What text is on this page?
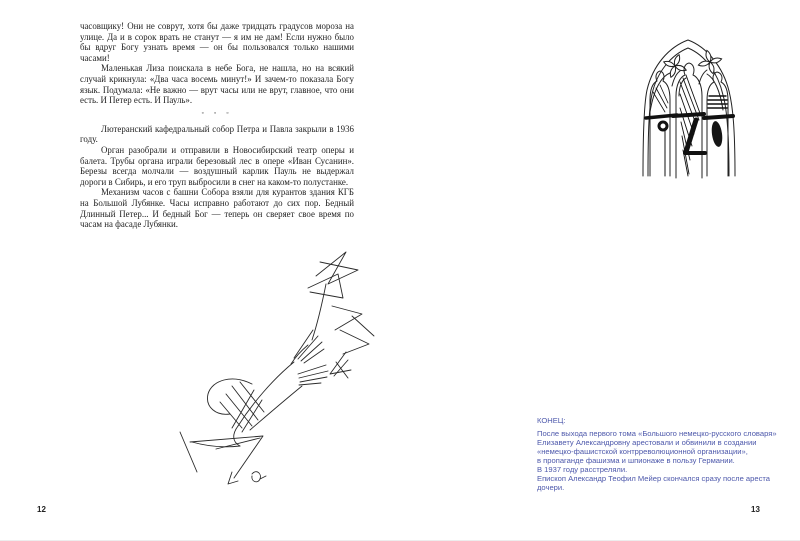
часовщику! Они не соврут, хотя бы даже тридцать градусов мороза на улице. Да и в сорок врать не станут — я им не дам! Если нужно было бы вдруг Богу узнать время — он бы пользовался только нашими часами!

Маленькая Лиза поискала в небе Бога, не нашла, но на всякий случай крикнула: «Два часа восемь минут!» И зачем-то показала Богу язык. Подумала: «Не важно — врут часы или не врут, главное, что они есть. И Петер есть. И Пауль».

◦ ◦ ◦

Лютеранский кафедральный собор Петра и Павла закрыли в 1936 году.

Орган разобрали и отправили в Новосибирский театр оперы и балета. Трубы органа играли березовый лес в опере «Иван Сусанин». Березы всегда молчали — воздушный карлик Пауль не выдержал дороги в Сибирь, и его труп выбросили в снег на каком-то полустанке.

Механизм часов с башни Собора взяли для курантов здания КГБ на Большой Лубянке. Часы исправно работают до сих пор. Бедный Длинный Петер... И бедный Бог — теперь он сверяет свое время по часам на фасаде Лубянки.

12
КОНЕЦ:
После выхода первого тома «Большого немецко-русского словаря»
Елизавету Александровну арестовали и обвинили в создании
«немецко-фашистской контрреволюционной организации»,
в пропаганде фашизма и шпионаже в пользу Германии.
В 1937 году расстреляли.
Епископ Александр Теофил Мейер скончался сразу после ареста
дочери.
13
